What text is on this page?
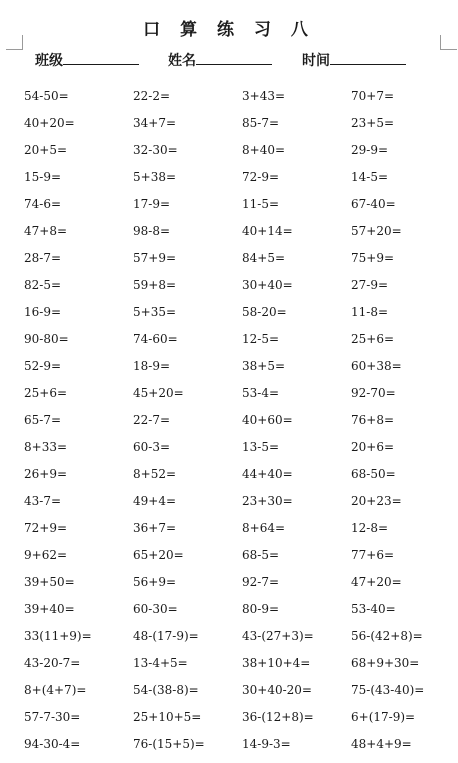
口 算 练 习 八
班级	姓名	时间
54-50=	22-2=	3+43=	70+7=
40+20=	34+7=	85-7=	23+5=
20+5=	32-30=	8+40=	29-9=
15-9=	5+38=	72-9=	14-5=
74-6=	17-9=	11-5=	67-40=
47+8=	98-8=	40+14=	57+20=
28-7=	57+9=	84+5=	75+9=
82-5=	59+8=	30+40=	27-9=
16-9=	5+35=	58-20=	11-8=
90-80=	74-60=	12-5=	25+6=
52-9=	18-9=	38+5=	60+38=
25+6=	45+20=	53-4=	92-70=
65-7=	22-7=	40+60=	76+8=
8+33=	60-3=	13-5=	20+6=
26+9=	8+52=	44+40=	68-50=
43-7=	49+4=	23+30=	20+23=
72+9=	36+7=	8+64=	12-8=
9+62=	65+20=	68-5=	77+6=
39+50=	56+9=	92-7=	47+20=
39+40=	60-30=	80-9=	53-40=
33(11+9)=	48-(17-9)=	43-(27+3)=	56-(42+8)=
43-20-7=	13-4+5=	38+10+4=	68+9+30=
8+(4+7)=	54-(38-8)=	30+40-20=	75-(43-40)=
57-7-30=	25+10+5=	36-(12+8)=	6+(17-9)=
94-30-4=	76-(15+5)=	14-9-3=	48+4+9=
